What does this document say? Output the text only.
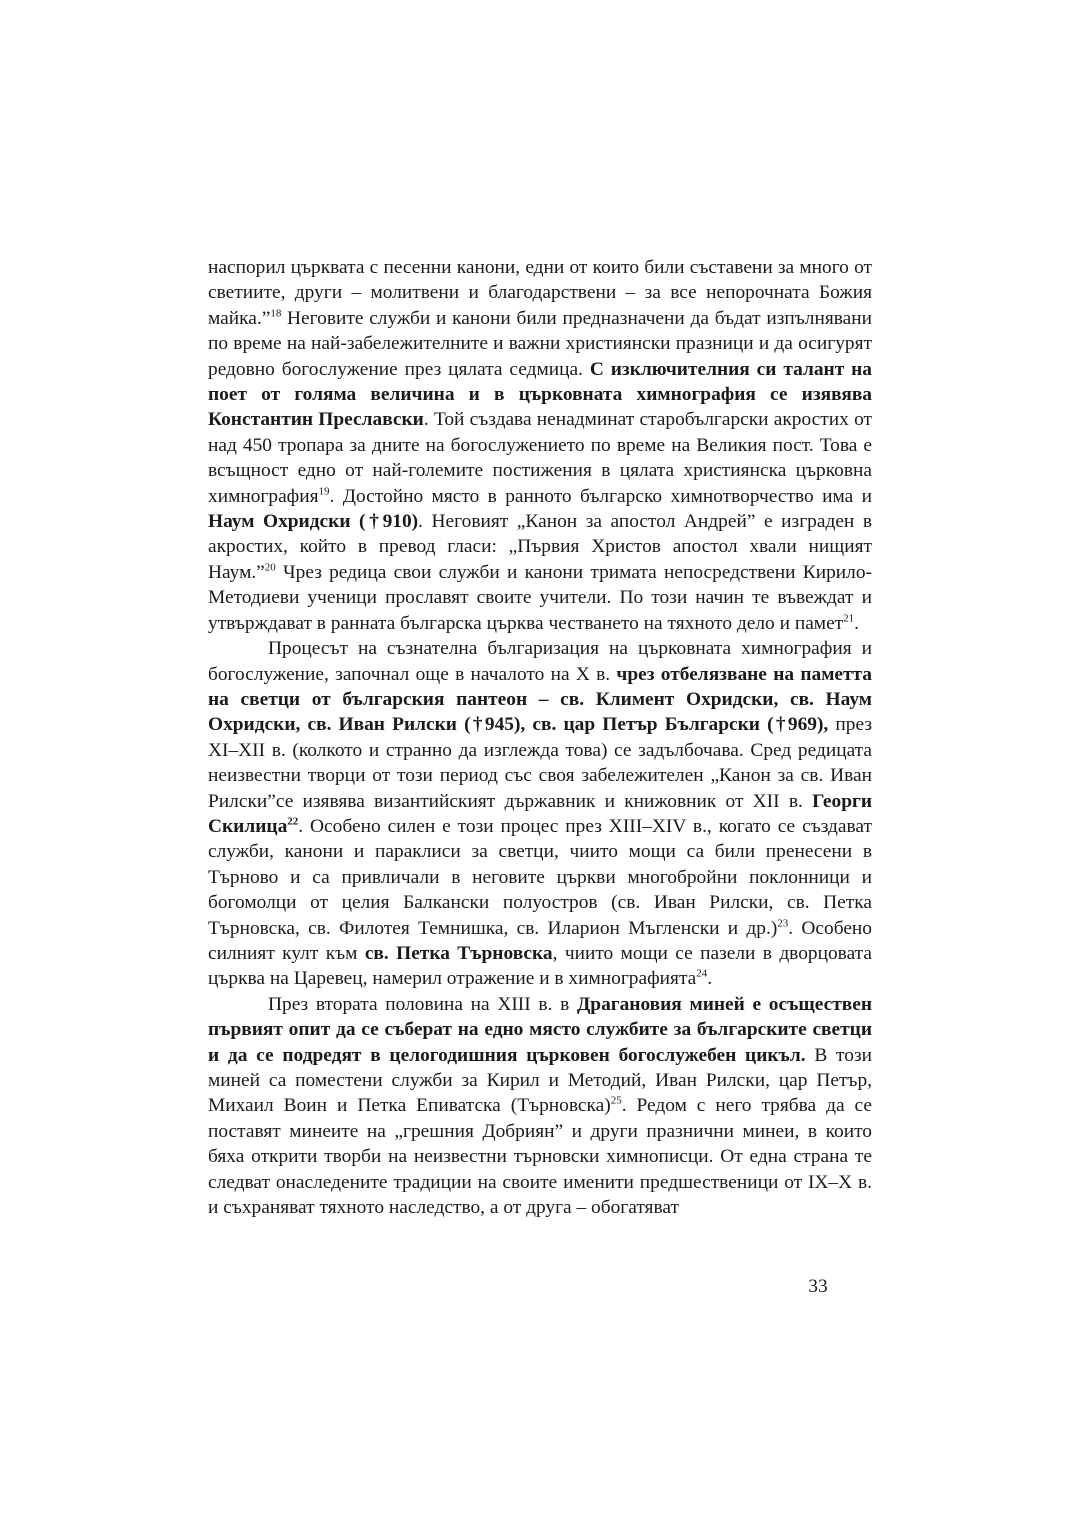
наспорил църквата с песенни канони, едни от които били съставени за много от светиите, други – молитвени и благодарствени – за все непорочната Божия майка.”$^{18}$ Неговите служби и канони били предназначени да бъдат изпълнявани по време на най-забележителните и важни християнски празници и да осигурят редовно богослужение през цялата седмица. С изключителния си талант на поет от голяма величина и в църковната химнография се изявява Константин Преславски. Той създава ненадминат старобългарски акростих от над 450 тропара за дните на богослужението по време на Великия пост. Това е всъщност едно от най-големите постижения в цялата християнска църковна химнография$^{19}$. Достойно място в ранното българско химнотворчество има и Наум Охридски (†910). Неговият „Канон за апостол Андрей” е изграден в акростих, който в превод гласи: „Първия Христов апостол хвали нищият Наум.”$^{20}$ Чрез редица свои служби и канони тримата непосредствени Кирило-Методиеви ученици прославят своите учители. По този начин те въвеждат и утвърждават в ранната българска църква честването на тяхното дело и памет$^{21}$.

Процесът на съзнателна българизация на църковната химнография и богослужение, започнал още в началото на X в. чрез отбелязване на паметта на светци от българския пантеон – св. Климент Охридски, св. Наум Охридски, св. Иван Рилски (†945), св. цар Петър Български (†969), през XI–XII в. (колкото и странно да изглежда това) се задълбочава. Сред редицата неизвестни творци от този период със своя забележителен „Канон за св. Иван Рилски”се изявява византийският държавник и книжовник от XII в. Георги Скилица$^{22}$. Особено силен е този процес през XIII–XIV в., когато се създават служби, канони и параклиси за светци, чиито мощи са били пренесени в Търново и са привличали в неговите църкви многобройни поклонници и богомолци от целия Балкански полуостров (св. Иван Рилски, св. Петка Търновска, св. Филотея Темнишка, св. Иларион Мъгленски и др.)$^{23}$. Особено силният култ към св. Петка Търновска, чиито мощи се пазели в дворцовата църква на Царевец, намерил отражение и в химнографията$^{24}$.

През втората половина на XIII в. в Драгановия миней е осъществен първият опит да се съберат на едно място службите за българските светци и да се подредят в целогодишния църковен богослужебен цикъл. В този миней са поместени служби за Кирил и Методий, Иван Рилски, цар Петър, Михаил Воин и Петка Епиватска (Търновска)$^{25}$. Редом с него трябва да се поставят минеите на „грешния Добриян” и други празнични минеи, в които бяха открити творби на неизвестни търновски химнописци. От една страна те следват онаследените традиции на своите именити предшественици от IX–X в. и съхраняват тяхното наследство, а от друга – обогатяват

33
